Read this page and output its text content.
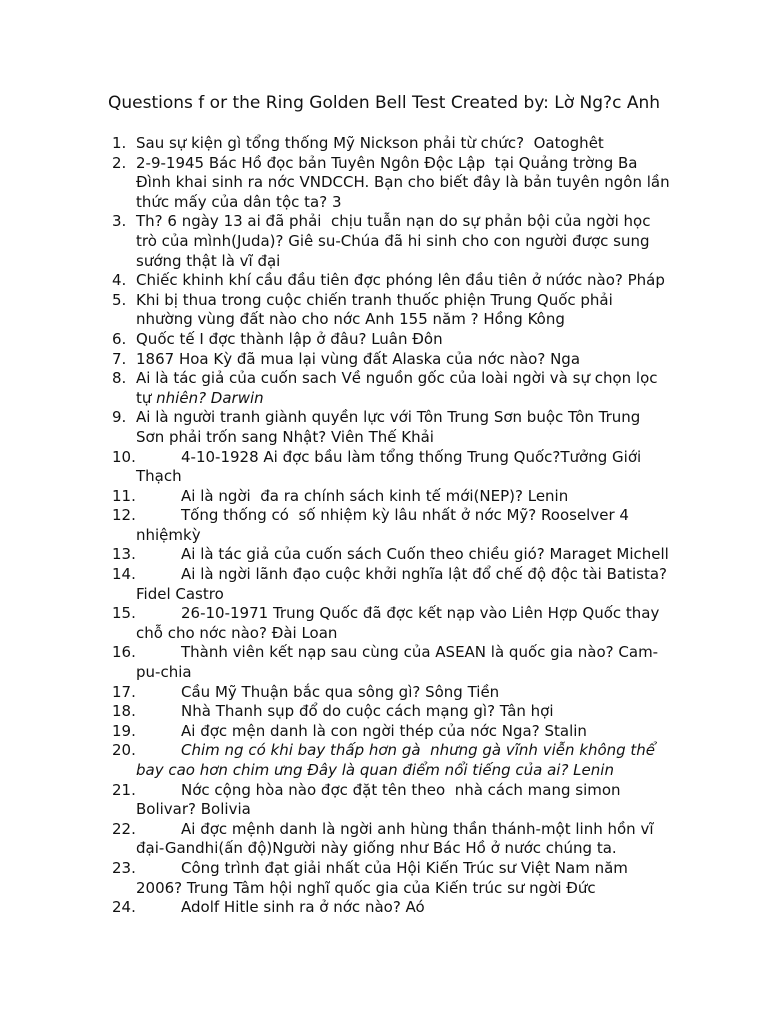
Questions f or the Ring Golden Bell Test Created by: Lờ Ng?c Anh
1. Sau sự kiện gì tổng thống Mỹ Nickson phải từ chức?  Oatoghêt
2. 2-9-1945 Bác Hồ đọc bản Tuyên Ngôn Độc Lập  tại Quảng trờng Ba Đình khai sinh ra nớc VNDCCH. Bạn cho biết đây là bản tuyên ngôn lần thức mấy của dân tộc ta? 3
3. Th? 6 ngày 13 ai đã phải  chịu tuẫn nạn do sự phản bội của ngời học trò của mình(Juda)? Giê su-Chúa đã hi sinh cho con người được sung sướng thật là vĩ đại
4. Chiếc khinh khí cầu đầu tiên đợc phóng lên đầu tiên ở nứớc nào? Pháp
5. Khi bị thua trong cuộc chiến tranh thuốc phiện Trung Quốc phải nhường vùng đất nào cho nớc Anh 155 năm ? Hồng Kông
6. Quốc tế I đợc thành lập ở đâu? Luân Đôn
7. 1867 Hoa Kỳ đã mua lại vùng đất Alaska của nớc nào? Nga
8. Ai là tác giả của cuốn sach Về nguồn gốc của loài ngời và sự chọn lọc tự nhiên? Darwin
9. Ai là người tranh giành quyền lực với Tôn Trung Sơn buộc Tôn Trung Sơn phải trốn sang Nhật? Viên Thế Khải
10.	4-10-1928 Ai đợc bầu làm tổng thống Trung Quốc?Tưởng Giới Thạch
11.	Ai là ngời  đa ra chính sách kinh tế mới(NEP)? Lenin
12.	Tống thống có  số nhiệm kỳ lâu nhất ở nớc Mỹ? Rooselver 4 nhiệmkỳ
13.	Ai là tác giả của cuốn sách Cuốn theo chiều gió? Maraget Michell
14.	Ai là ngời lãnh đạo cuộc khởi nghĩa lật đổ chế độ độc tài Batista? Fidel Castro
15.	26-10-1971 Trung Quốc đã đợc kết nạp vào Liên Hợp Quốc thay chỗ cho nớc nào? Đài Loan
16.	Thành viên kết nạp sau cùng của ASEAN là quốc gia nào? Cam-pu-chia
17.	Cầu Mỹ Thuận bắc qua sông gì? Sông Tiền
18.	Nhà Thanh sụp đổ do cuộc cách mạng gì? Tân hợi
19.	Ai đợc mện danh là con ngời thép của nớc Nga? Stalin
20.	Chim ng có khi bay thấp hơn gà  nhưng gà vĩnh viễn không thể bay cao hơn chim ưng Đây là quan điểm nổi tiếng của ai? Lenin
21.	Nớc cộng hòa nào đợc đặt tên theo  nhà cách mang simon Bolivar? Bolivia
22.	Ai đợc mệnh danh là ngời anh hùng thần thánh-một linh hồn vĩ đại-Gandhi(ấn độ)Người này giống như Bác Hồ ở nước chúng ta.
23.	Công trình đạt giải nhất của Hội Kiến Trúc sư Việt Nam năm 2006? Trung Tâm hội nghĩ quốc gia của Kiến trúc sư ngời Đức
24.	Adolf Hitle sinh ra ở nớc nào? Aó
